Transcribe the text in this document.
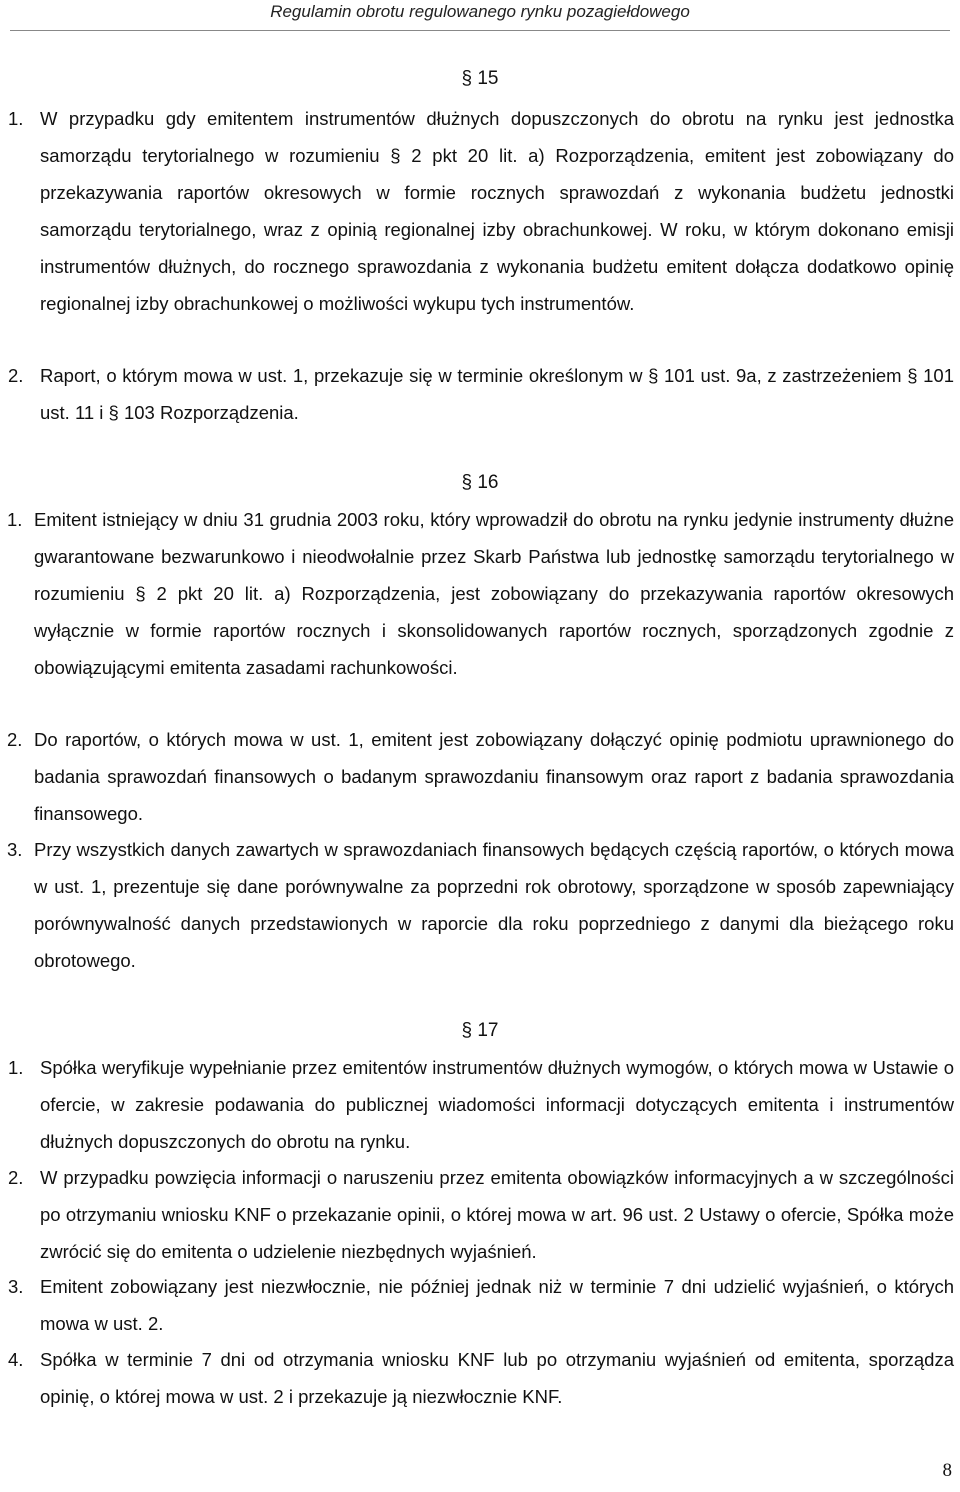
Regulamin obrotu regulowanego rynku pozagiełdowego
§ 15
1. W przypadku gdy emitentem instrumentów dłużnych dopuszczonych do obrotu na rynku jest jednostka samorządu terytorialnego w rozumieniu § 2 pkt 20 lit. a) Rozporządzenia, emitent jest zobowiązany do przekazywania raportów okresowych w formie rocznych sprawozdań z wykonania budżetu jednostki samorządu terytorialnego, wraz z opinią regionalnej izby obrachunkowej. W roku, w którym dokonano emisji instrumentów dłużnych, do rocznego sprawozdania z wykonania budżetu emitent dołącza dodatkowo opinię regionalnej izby obrachunkowej o możliwości wykupu tych instrumentów.
2. Raport, o którym mowa w ust. 1, przekazuje się w terminie określonym w § 101 ust. 9a, z zastrzeżeniem § 101 ust. 11 i § 103 Rozporządzenia.
§ 16
1. Emitent istniejący w dniu 31 grudnia 2003 roku, który wprowadził do obrotu na rynku jedynie instrumenty dłużne gwarantowane bezwarunkowo i nieodwołalnie przez Skarb Państwa lub jednostkę samorządu terytorialnego w rozumieniu § 2 pkt 20 lit. a) Rozporządzenia, jest zobowiązany do przekazywania raportów okresowych wyłącznie w formie raportów rocznych i skonsolidowanych raportów rocznych, sporządzonych zgodnie z obowiązującymi emitenta zasadami rachunkowości.
2. Do raportów, o których mowa w ust. 1, emitent jest zobowiązany dołączyć opinię podmiotu uprawnionego do badania sprawozdań finansowych o badanym sprawozdaniu finansowym oraz raport z badania sprawozdania finansowego.
3. Przy wszystkich danych zawartych w sprawozdaniach finansowych będących częścią raportów, o których mowa w ust. 1, prezentuje się dane porównywalne za poprzedni rok obrotowy, sporządzone w sposób zapewniający porównywalność danych przedstawionych w raporcie dla roku poprzedniego z danymi dla bieżącego roku obrotowego.
§ 17
1. Spółka weryfikuje wypełnianie przez emitentów instrumentów dłużnych wymogów, o których mowa w Ustawie o ofercie, w zakresie podawania do publicznej wiadomości informacji dotyczących emitenta i instrumentów dłużnych dopuszczonych do obrotu na rynku.
2. W przypadku powzięcia informacji o naruszeniu przez emitenta obowiązków informacyjnych a w szczególności po otrzymaniu wniosku KNF o przekazanie opinii, o której mowa w art. 96 ust. 2 Ustawy o ofercie, Spółka może zwrócić się do emitenta o udzielenie niezbędnych wyjaśnień.
3. Emitent zobowiązany jest niezwłocznie, nie później jednak niż w terminie 7 dni udzielić wyjaśnień, o których mowa w ust. 2.
4. Spółka w terminie 7 dni od otrzymania wniosku KNF lub po otrzymaniu wyjaśnień od emitenta, sporządza opinię, o której mowa w ust. 2 i przekazuje ją niezwłocznie KNF.
8
